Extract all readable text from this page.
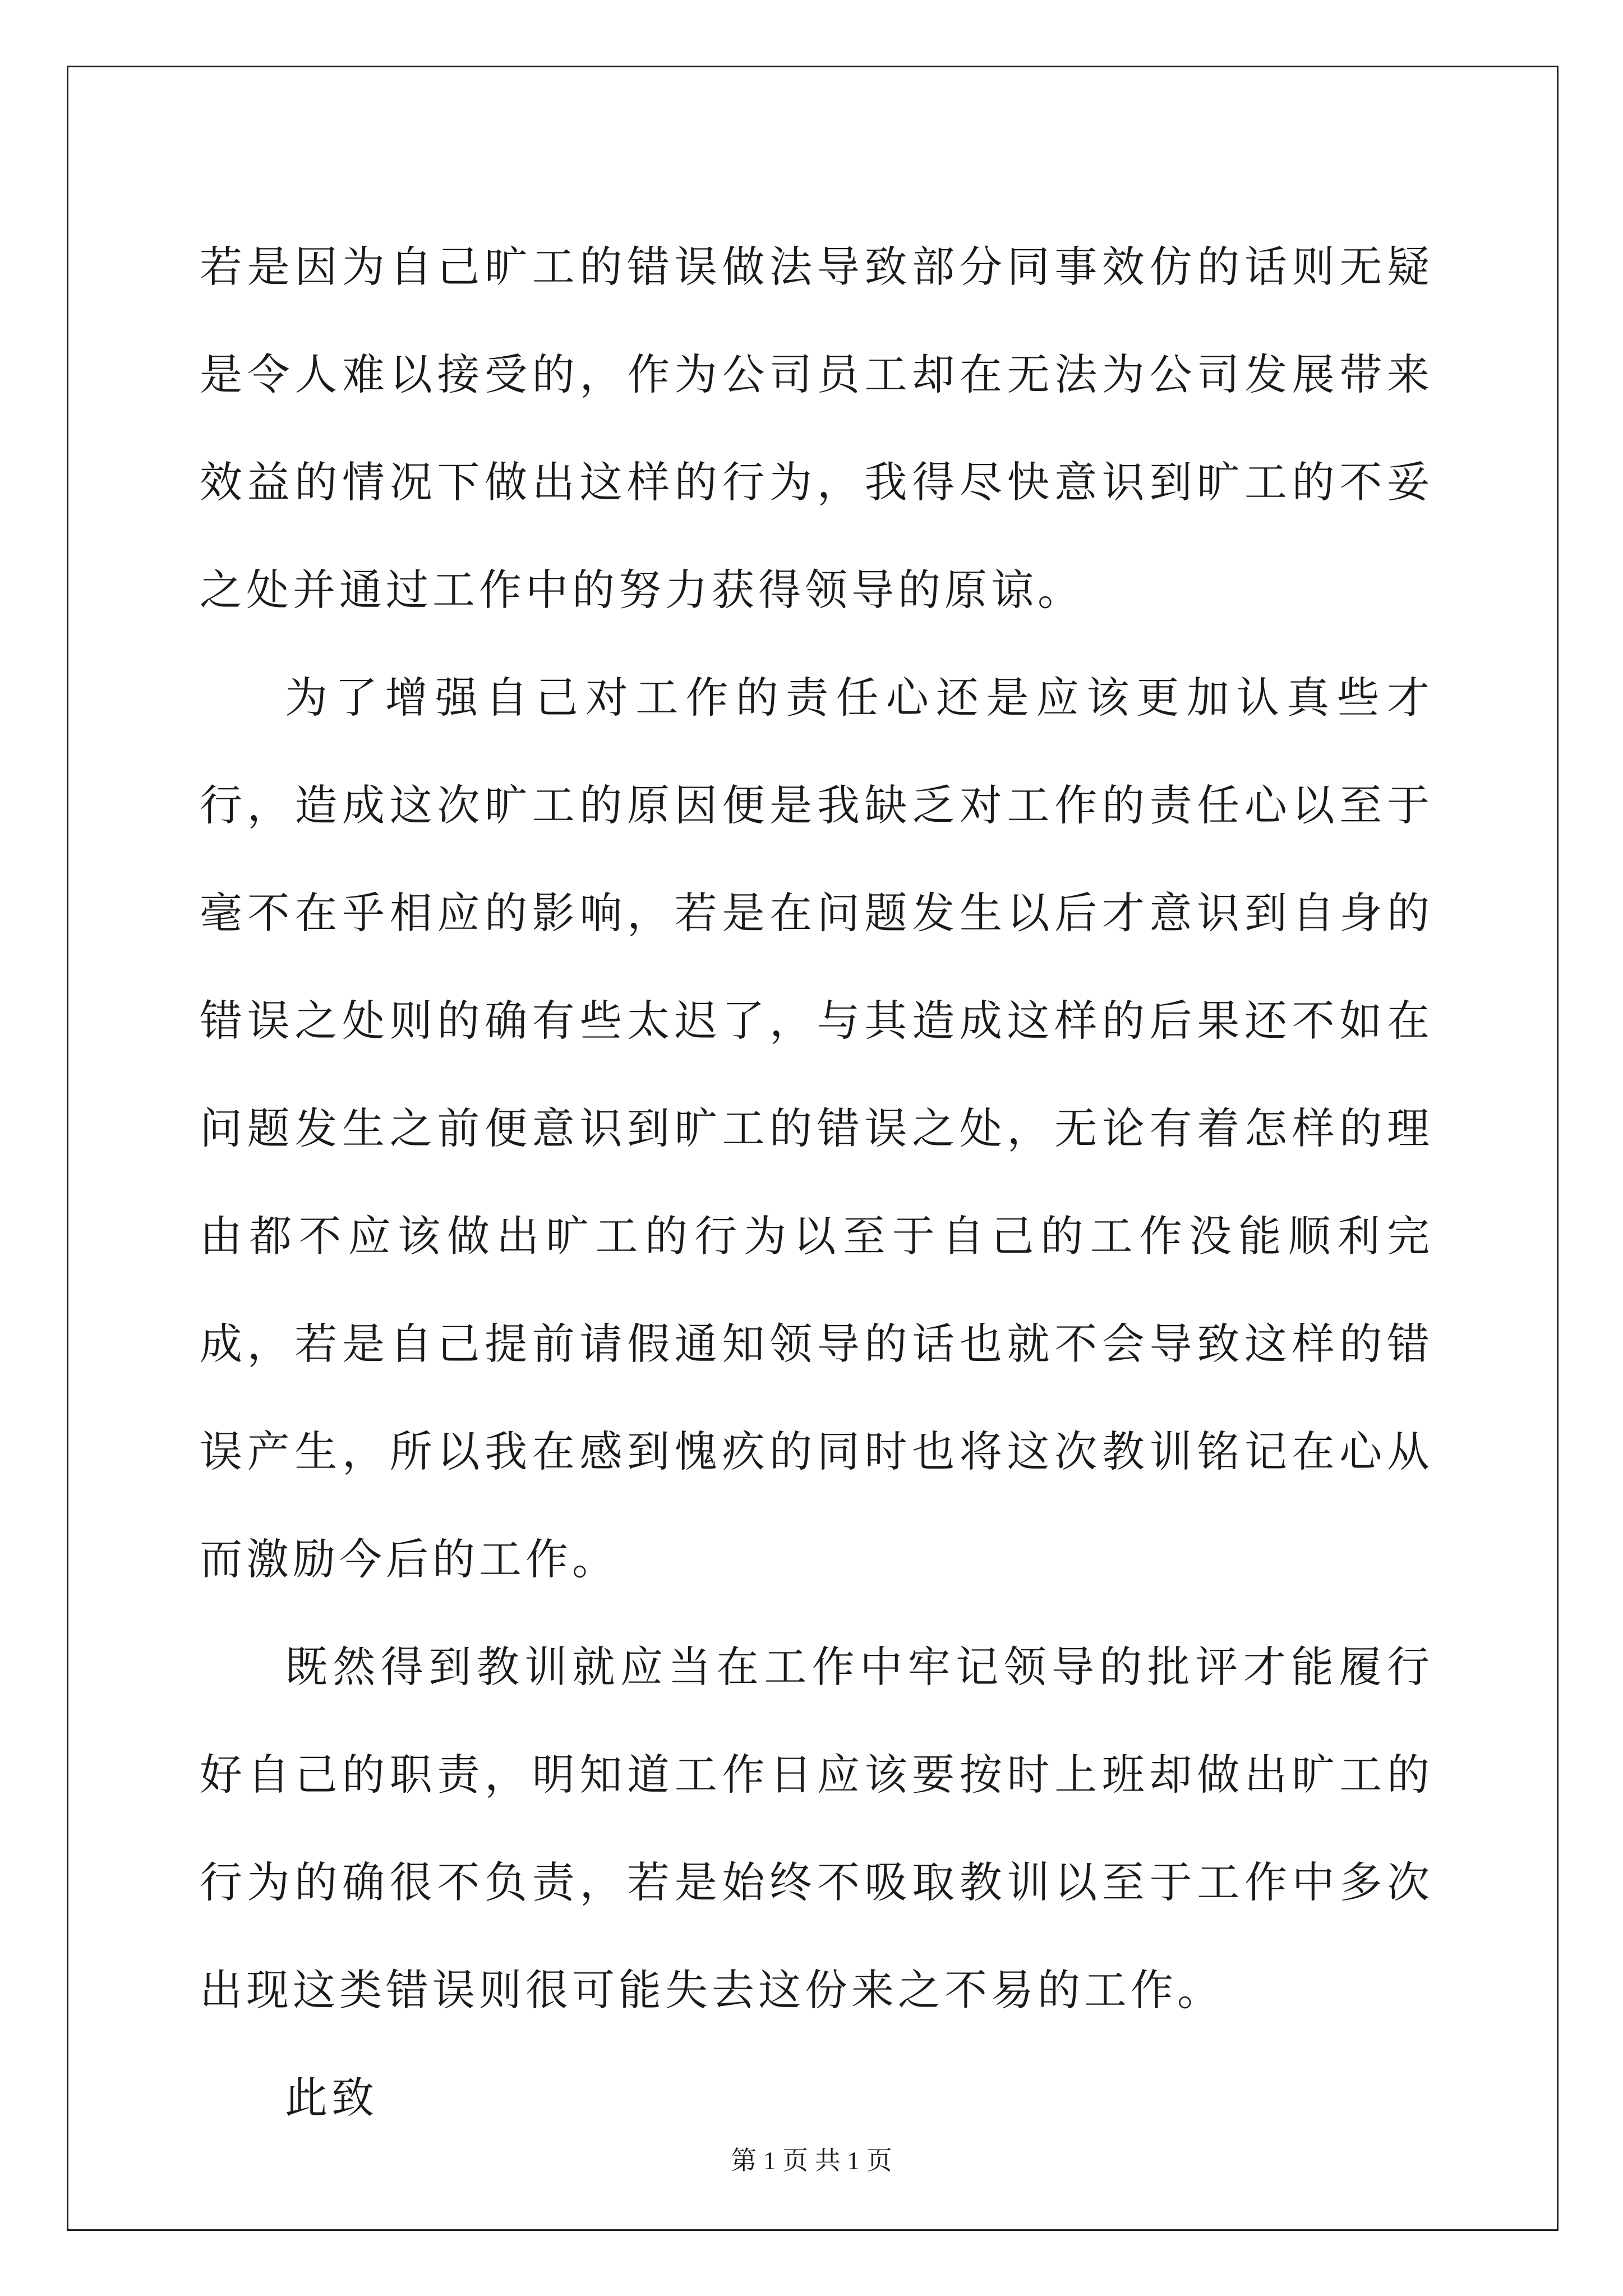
若是因为自己旷工的错误做法导致部分同事效仿的话则无疑是令人难以接受的，作为公司员工却在无法为公司发展带来效益的情况下做出这样的行为，我得尽快意识到旷工的不妥之处并通过工作中的努力获得领导的原谅。

为了增强自己对工作的责任心还是应该更加认真些才行，造成这次旷工的原因便是我缺乏对工作的责任心以至于毫不在乎相应的影响，若是在问题发生以后才意识到自身的错误之处则的确有些太迟了，与其造成这样的后果还不如在问题发生之前便意识到旷工的错误之处，无论有着怎样的理由都不应该做出旷工的行为以至于自己的工作没能顺利完成，若是自己提前请假通知领导的话也就不会导致这样的错误产生，所以我在感到愧疚的同时也将这次教训铭记在心从而激励今后的工作。

既然得到教训就应当在工作中牢记领导的批评才能履行好自己的职责，明知道工作日应该要按时上班却做出旷工的行为的确很不负责，若是始终不吸取教训以至于工作中多次出现这类错误则很可能失去这份来之不易的工作。

此致

第 1 页 共 1 页
